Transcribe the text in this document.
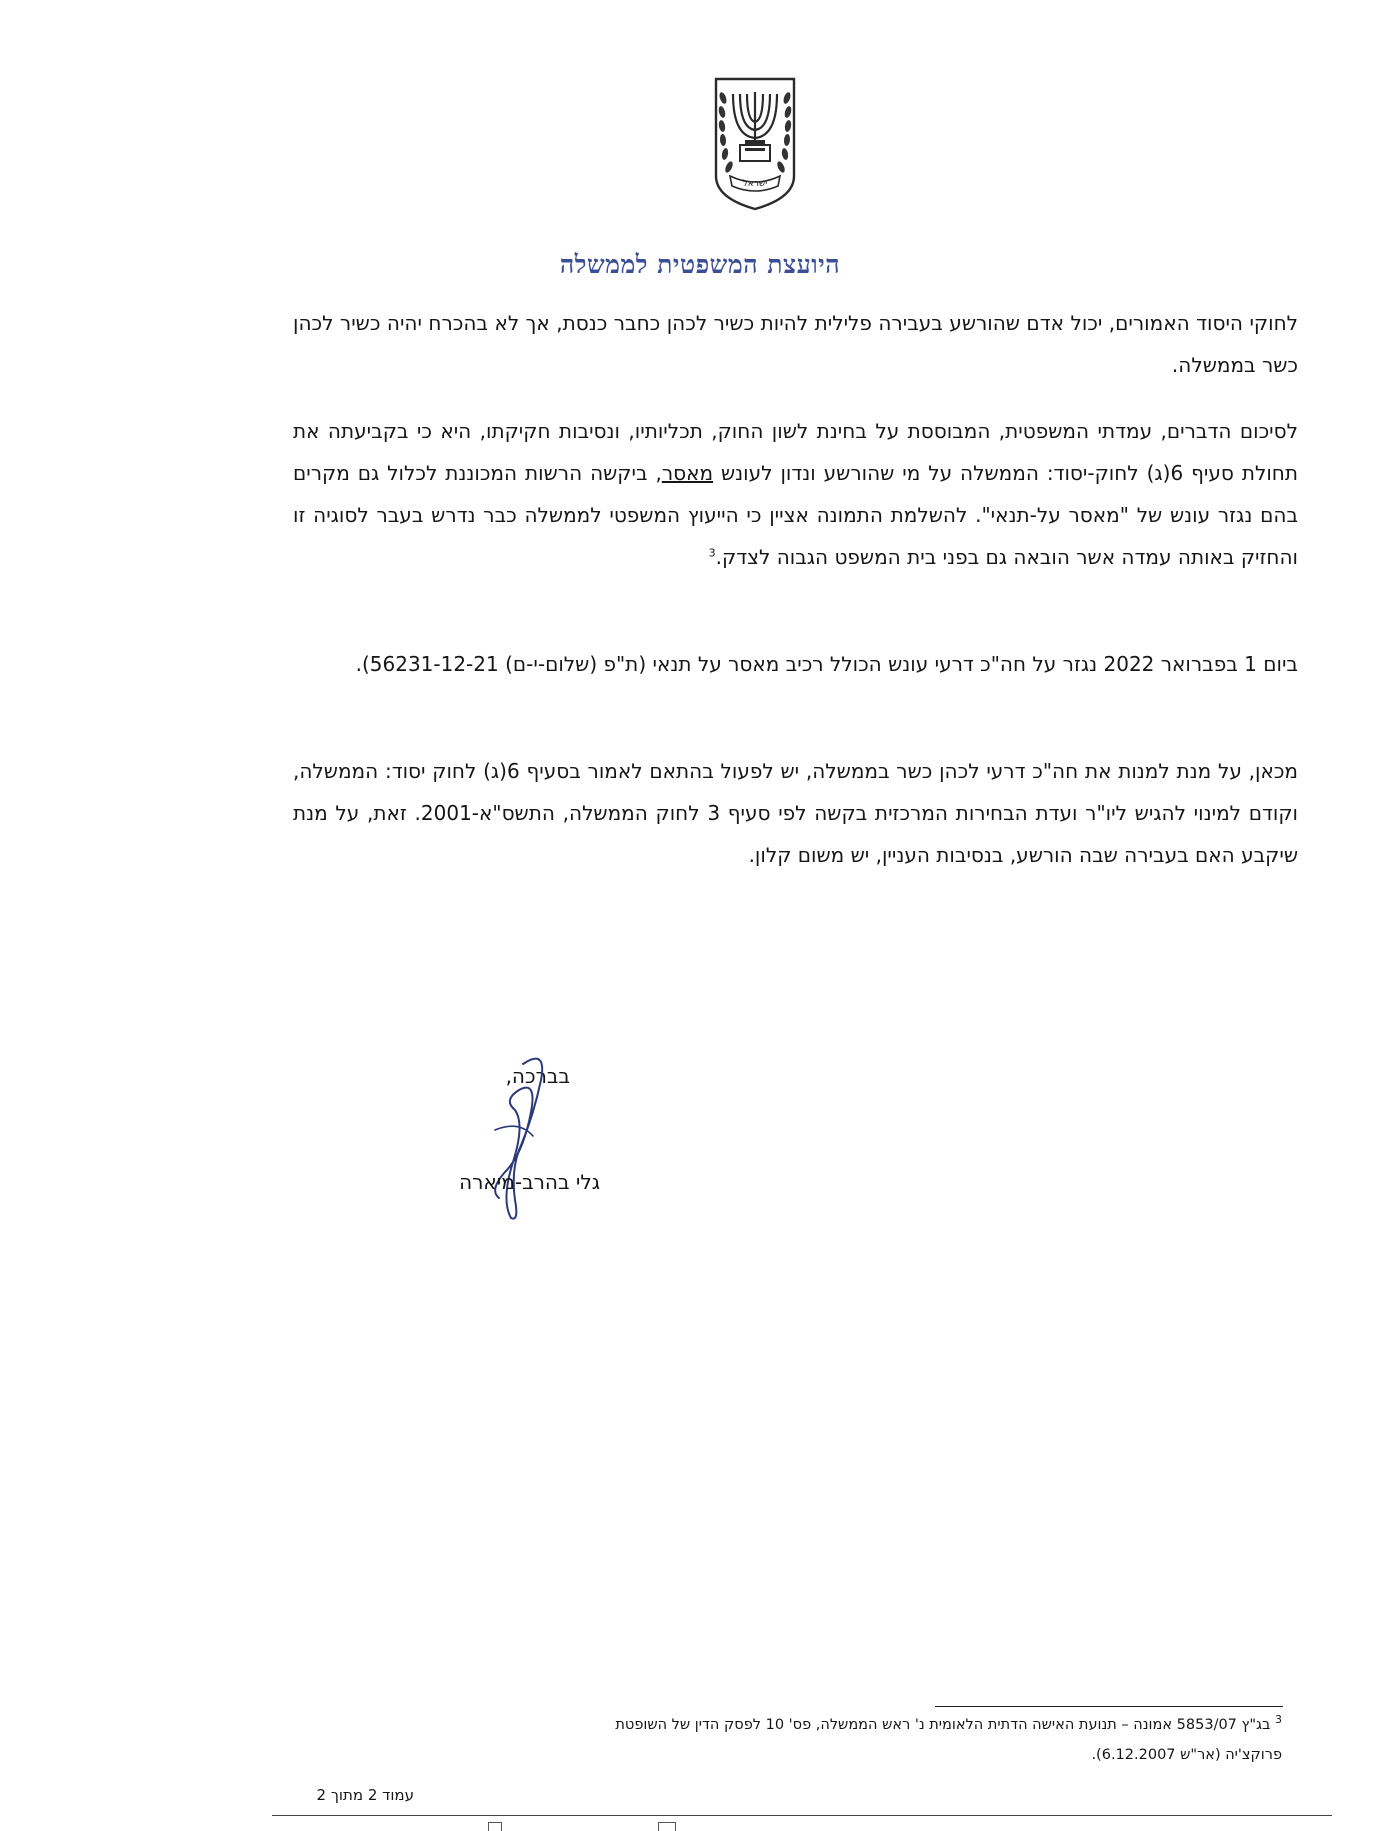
ישראל
היועצת המשפטית לממשלה

לחוקי היסוד האמורים, יכול אדם שהורשע בעבירה פלילית להיות כשיר לכהן כחבר כנסת, אך לא בהכרח יהיה כשיר לכהן כשר בממשלה.

לסיכום הדברים, עמדתי המשפטית, המבוססת על בחינת לשון החוק, תכליותיו, ונסיבות חקיקתו, היא כי בקביעתה את תחולת סעיף 6(ג) לחוק-יסוד: הממשלה על מי שהורשע ונדון לעונש מאסר, ביקשה הרשות המכוננת לכלול גם מקרים בהם נגזר עונש של "מאסר על-תנאי". להשלמת התמונה אציין כי הייעוץ המשפטי לממשלה כבר נדרש בעבר לסוגיה זו והחזיק באותה עמדה אשר הובאה גם בפני בית המשפט הגבוה לצדק.$^3$

ביום 1 בפברואר 2022 נגזר על חה"כ דרעי עונש הכולל רכיב מאסר על תנאי (ת"פ (שלום-י-ם) 56231-12-21).

מכאן, על מנת למנות את חה"כ דרעי לכהן כשר בממשלה, יש לפעול בהתאם לאמור בסעיף 6(ג) לחוק יסוד: הממשלה, וקודם למינוי להגיש ליו"ר ועדת הבחירות המרכזית בקשה לפי סעיף 3 לחוק הממשלה, התשס"א-2001. זאת, על מנת שיקבע האם בעבירה שבה הורשע, בנסיבות העניין, יש משום קלון.

בברכה,
גלי בהרב-מיארה

$^3$ בג"ץ 5853/07 אמונה – תנועת האישה הדתית הלאומית נ' ראש הממשלה, פס' 10 לפסק הדין של השופטת

פרוקצ'יה (אר"ש 6.12.2007).

עמוד 2 מתוך 2
